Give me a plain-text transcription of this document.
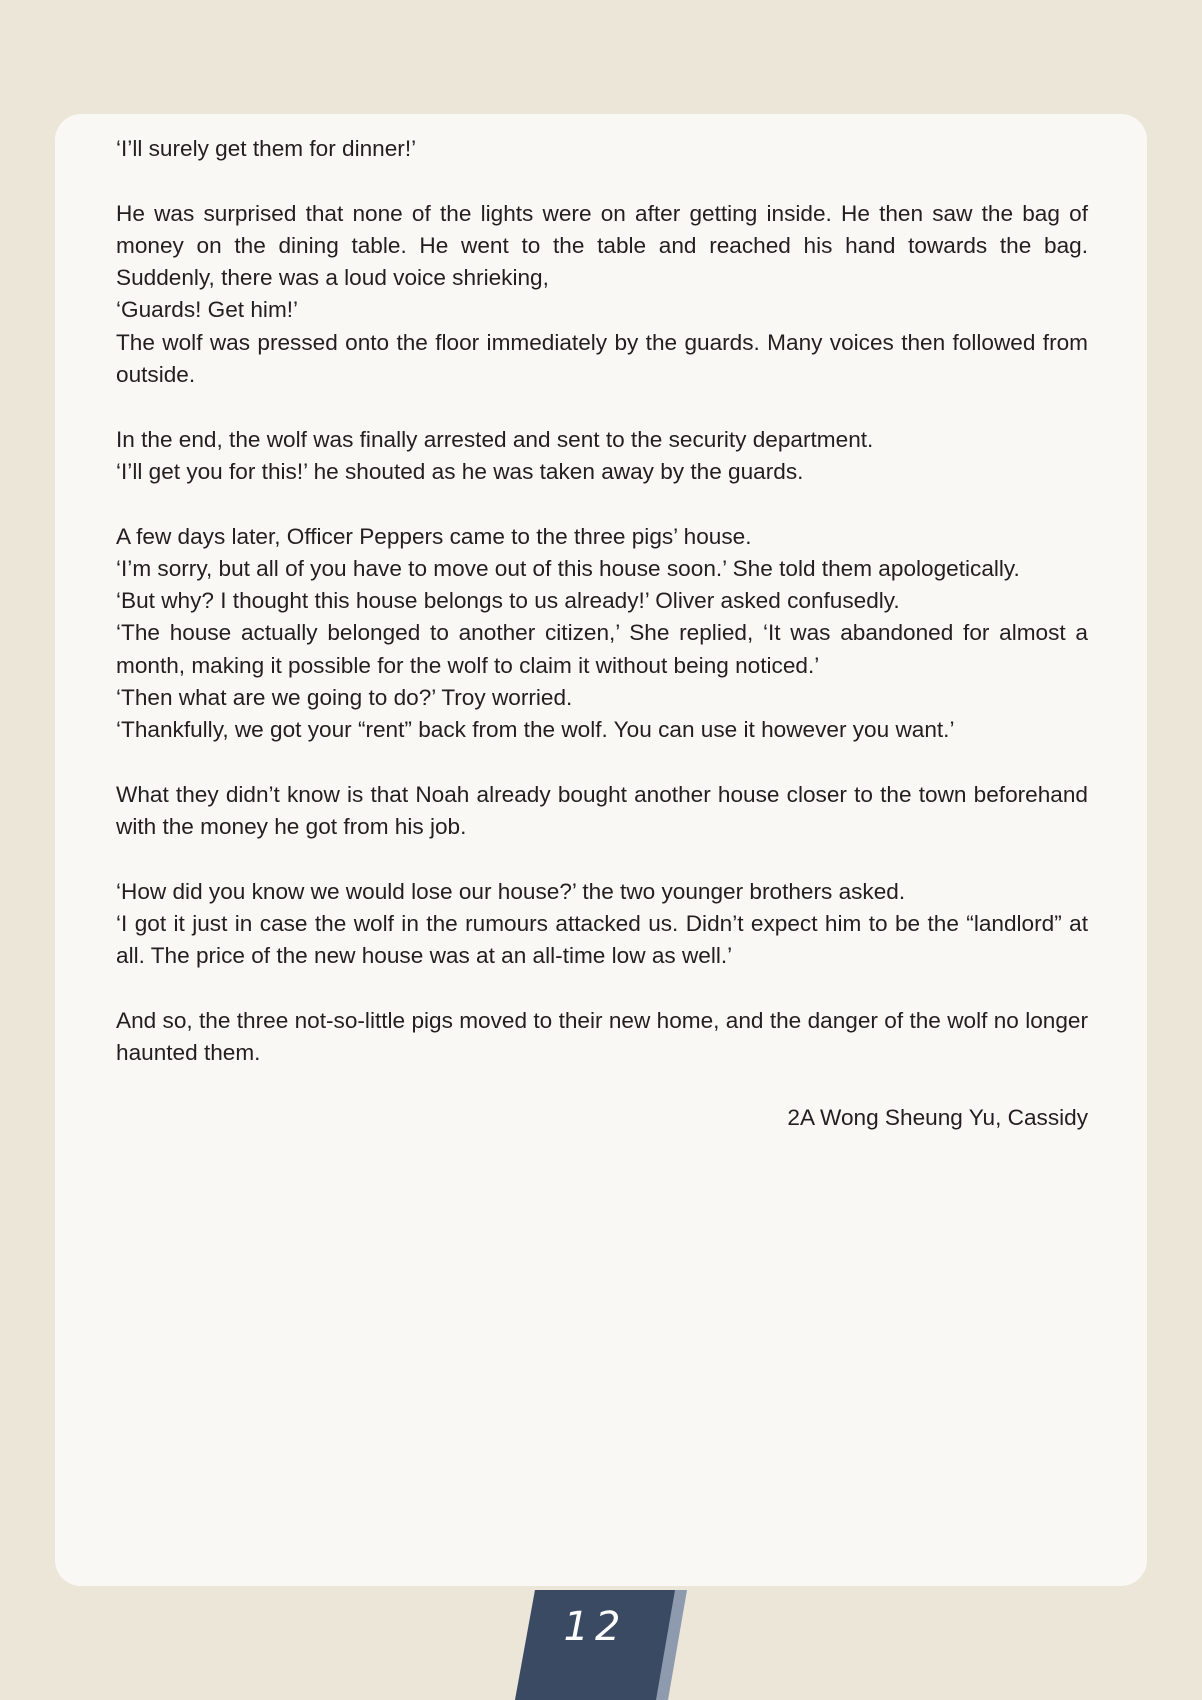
‘I’ll surely get them for dinner!’

He was surprised that none of the lights were on after getting inside. He then saw the bag of money on the dining table. He went to the table and reached his hand towards the bag. Suddenly, there was a loud voice shrieking,
‘Guards! Get him!’
The wolf was pressed onto the floor immediately by the guards. Many voices then followed from outside.

In the end, the wolf was finally arrested and sent to the security department.
‘I’ll get you for this!’ he shouted as he was taken away by the guards.

A few days later, Officer Peppers came to the three pigs’ house.
‘I’m sorry, but all of you have to move out of this house soon.’ She told them apologetically.
‘But why? I thought this house belongs to us already!’ Oliver asked confusedly.
‘The house actually belonged to another citizen,’ She replied, ‘It was abandoned for almost a month, making it possible for the wolf to claim it without being noticed.’
‘Then what are we going to do?’ Troy worried.
‘Thankfully, we got your “rent” back from the wolf. You can use it however you want.’

What they didn’t know is that Noah already bought another house closer to the town beforehand with the money he got from his job.

‘How did you know we would lose our house?’ the two younger brothers asked.
‘I got it just in case the wolf in the rumours attacked us. Didn’t expect him to be the “landlord” at all. The price of the new house was at an all-time low as well.’

And so, the three not-so-little pigs moved to their new home, and the danger of the wolf no longer haunted them.

2A Wong Sheung Yu, Cassidy

12
